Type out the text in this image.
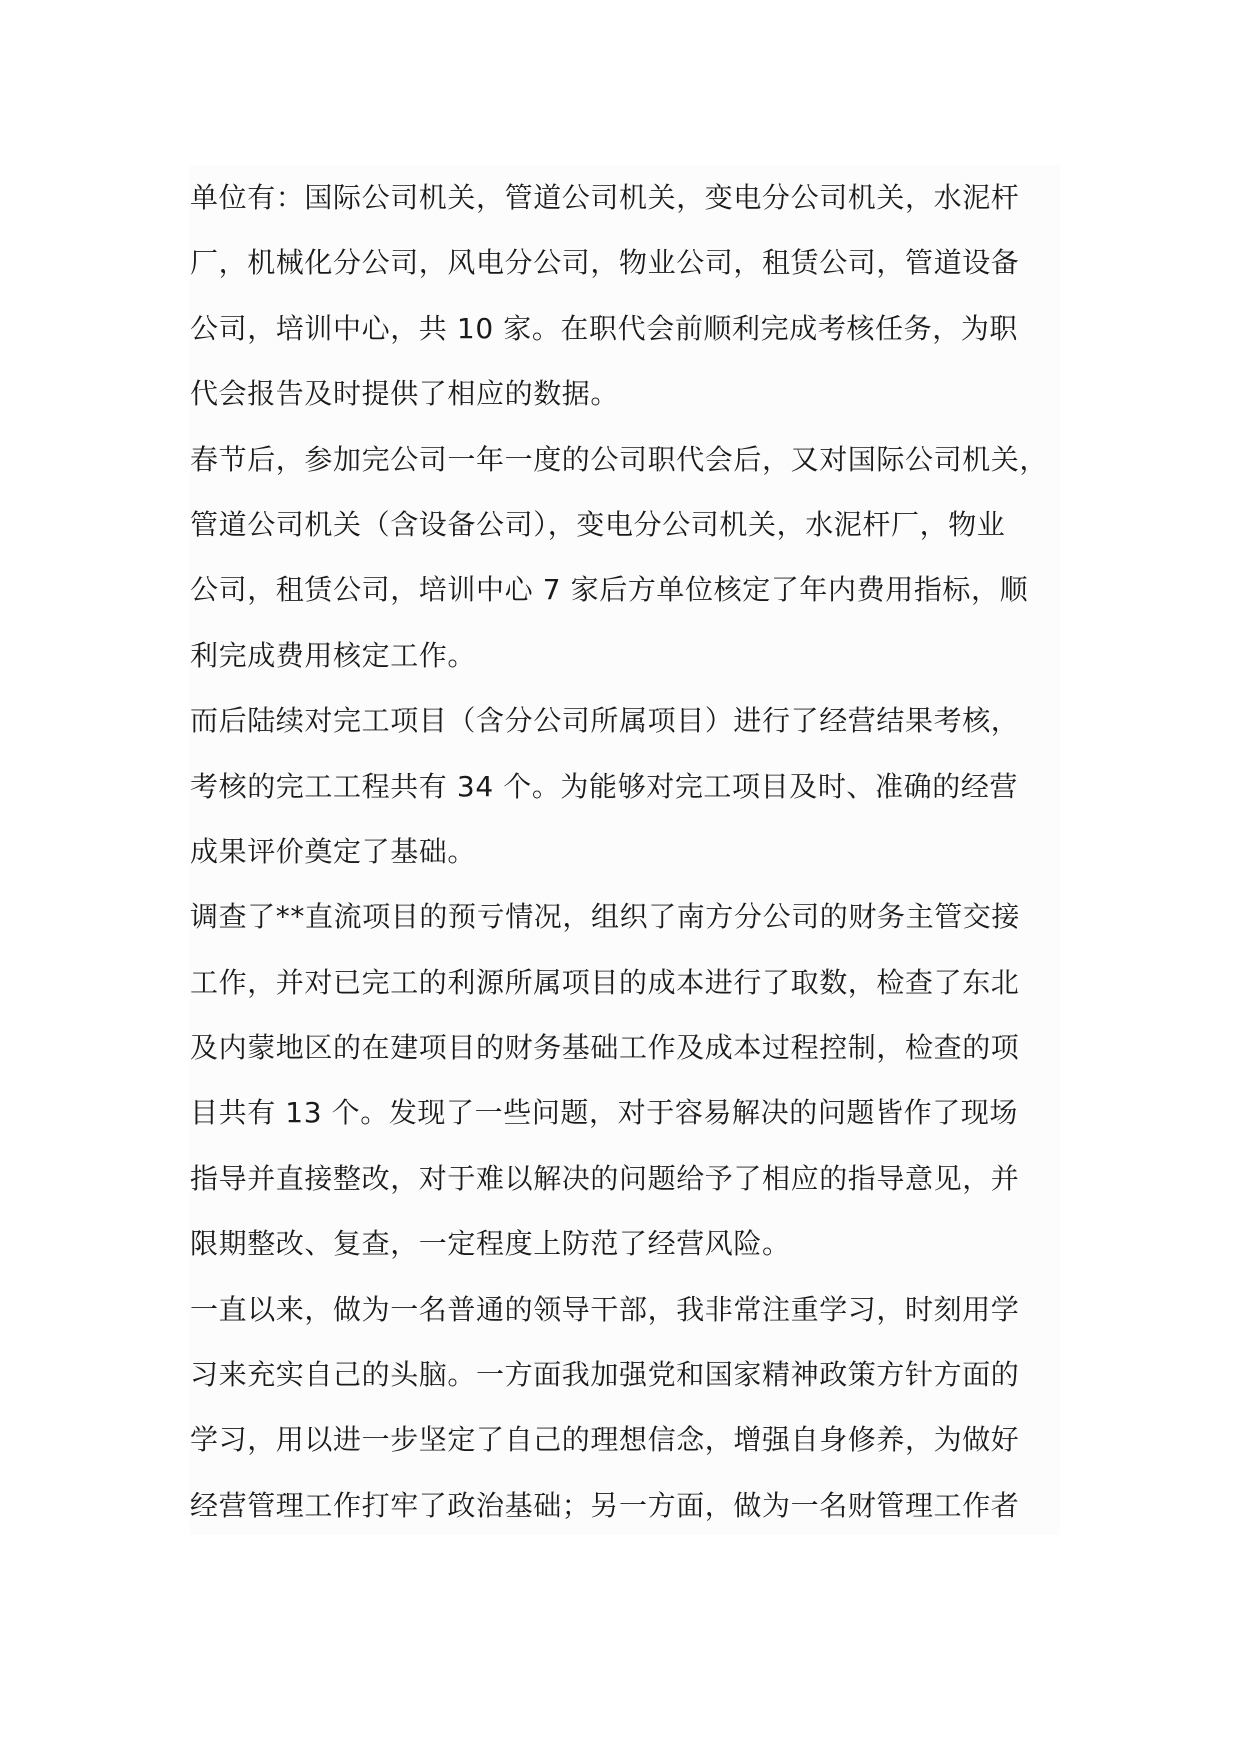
单位有：国际公司机关，管道公司机关，变电分公司机关，水泥杆
厂，机械化分公司，风电分公司，物业公司，租赁公司，管道设备
公司，培训中心，共 10 家。在职代会前顺利完成考核任务，为职
代会报告及时提供了相应的数据。

春节后，参加完公司一年一度的公司职代会后，又对国际公司机关，
管道公司机关（含设备公司），变电分公司机关，水泥杆厂，物业
公司，租赁公司，培训中心 7 家后方单位核定了年内费用指标，顺
利完成费用核定工作。

而后陆续对完工项目（含分公司所属项目）进行了经营结果考核，
考核的完工工程共有 34 个。为能够对完工项目及时、准确的经营
成果评价奠定了基础。

调查了**直流项目的预亏情况，组织了南方分公司的财务主管交接
工作，并对已完工的利源所属项目的成本进行了取数，检查了东北
及内蒙地区的在建项目的财务基础工作及成本过程控制，检查的项
目共有 13 个。发现了一些问题，对于容易解决的问题皆作了现场
指导并直接整改，对于难以解决的问题给予了相应的指导意见，并
限期整改、复查，一定程度上防范了经营风险。

一直以来，做为一名普通的领导干部，我非常注重学习，时刻用学
习来充实自己的头脑。一方面我加强党和国家精神政策方针方面的
学习，用以进一步坚定了自己的理想信念，增强自身修养，为做好
经营管理工作打牢了政治基础；另一方面，做为一名财管理工作者
